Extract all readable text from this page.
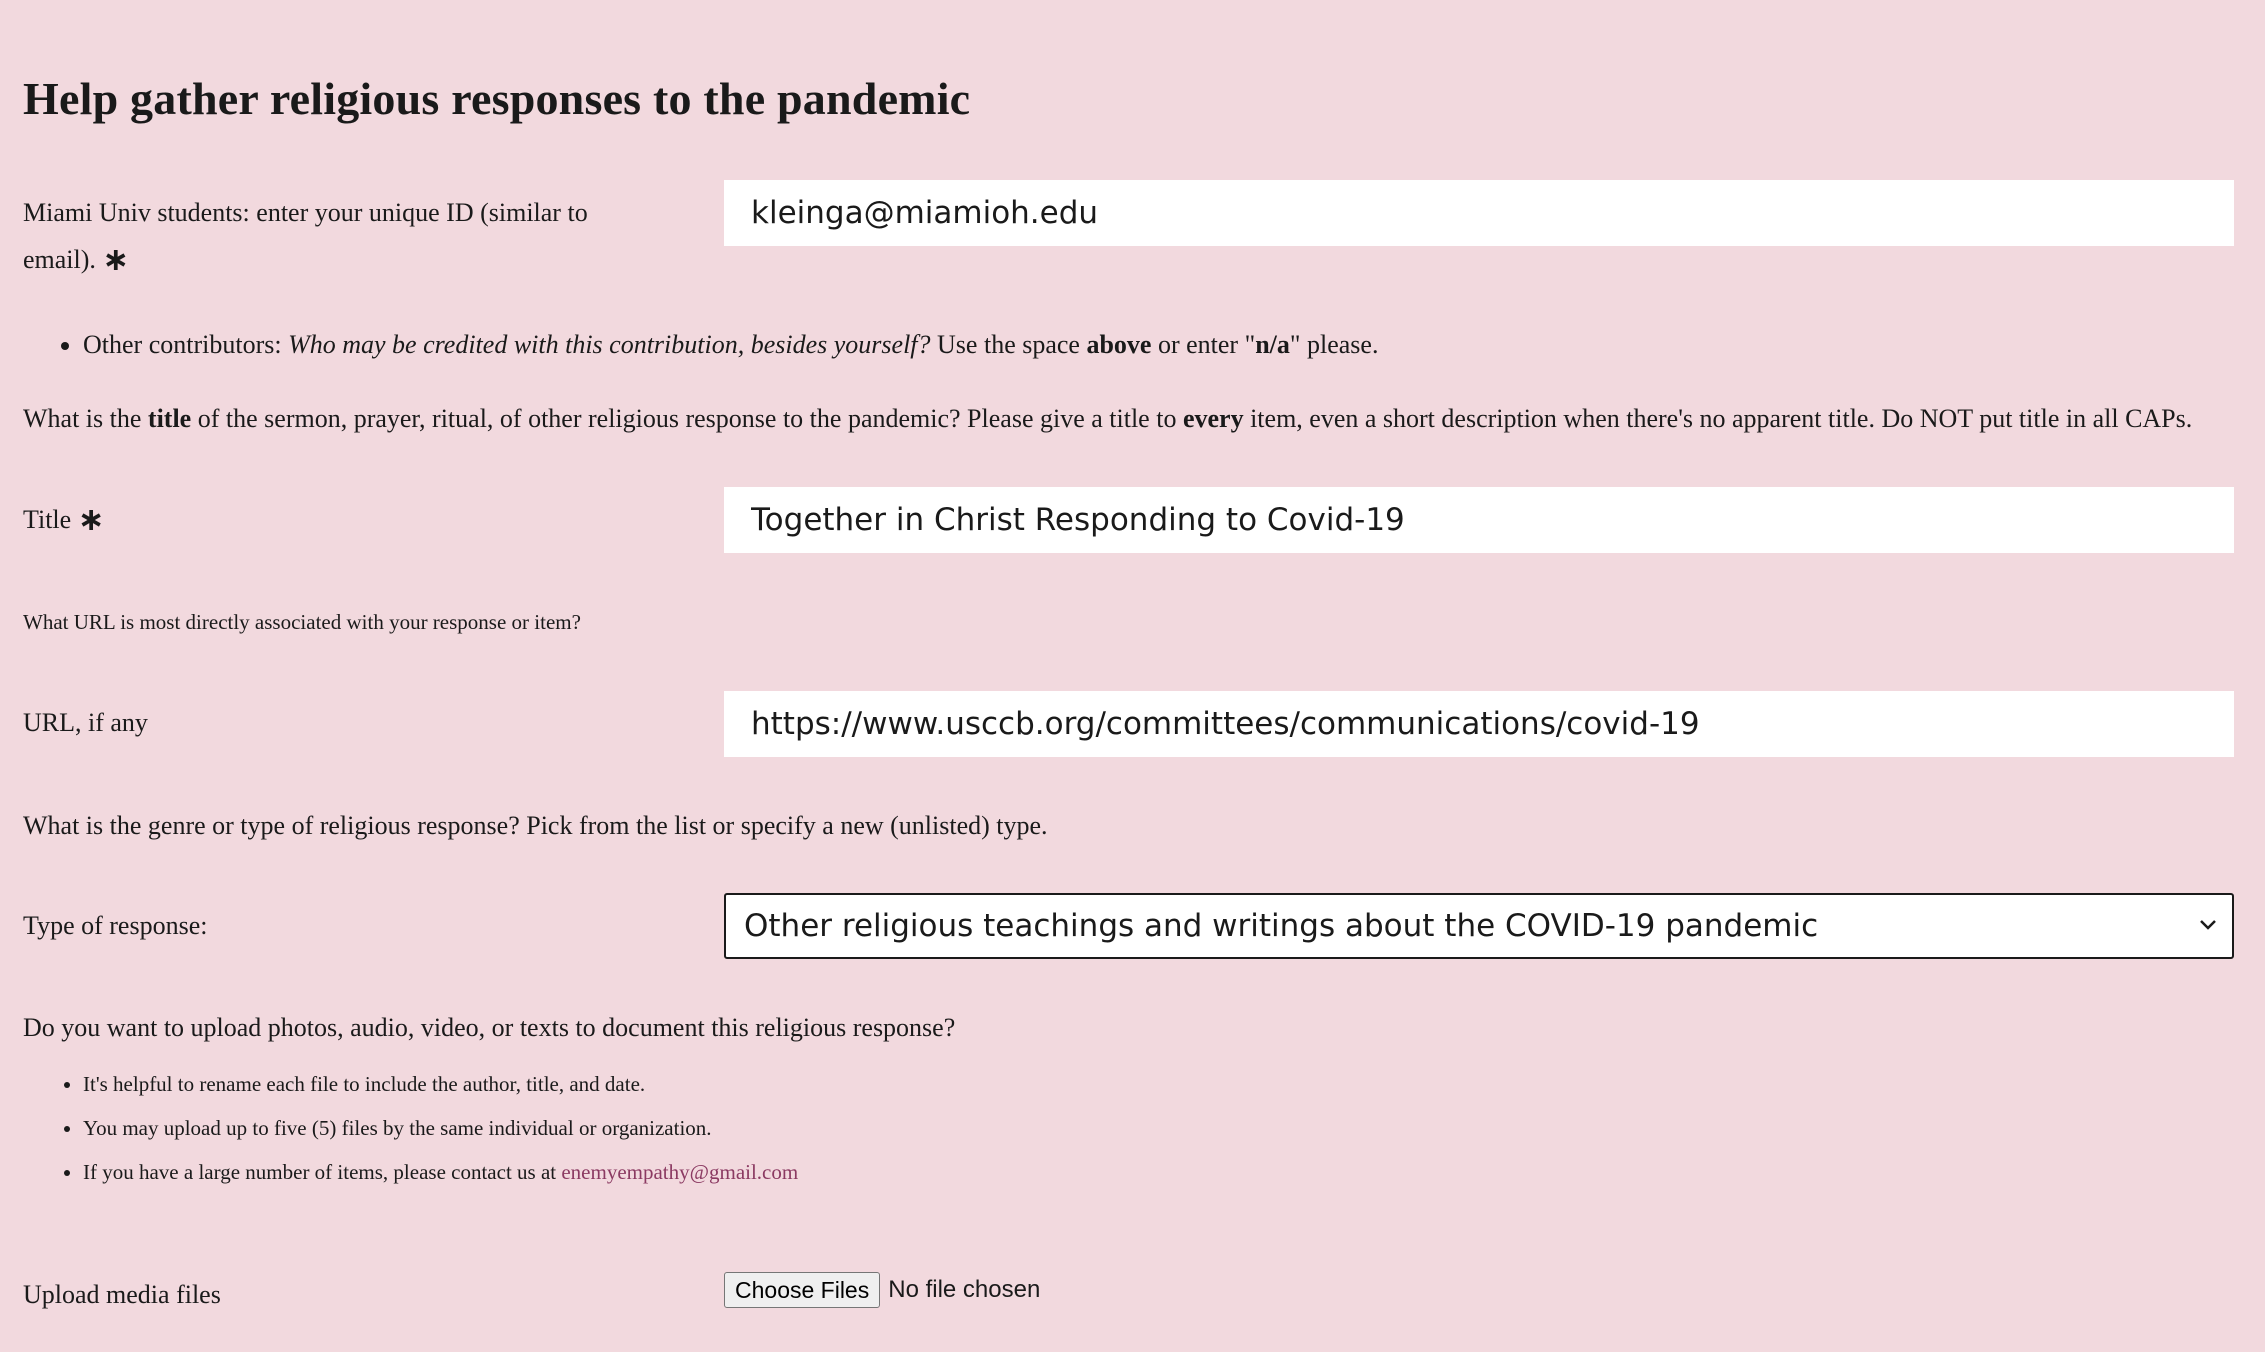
Help gather religious responses to the pandemic
Miami Univ students: enter your unique ID (similar to email). ∗
kleinga@miamioh.edu
• Other contributors: Who may be credited with this contribution, besides yourself? Use the space above or enter "n/a" please.

What is the title of the sermon, prayer, ritual, of other religious response to the pandemic? Please give a title to every item, even a short description when there's no apparent title. Do NOT put title in all CAPs.

Title ∗
Together in Christ Responding to Covid-19

What URL is most directly associated with your response or item?

URL, if any
https://www.usccb.org/committees/communications/covid-19

What is the genre or type of religious response? Pick from the list or specify a new (unlisted) type.

Type of response:	Other religious teachings and writings about the COVID-19 pandemic

Do you want to upload photos, audio, video, or texts to document this religious response?

• It's helpful to rename each file to include the author, title, and date.
• You may upload up to five (5) files by the same individual or organization.
• If you have a large number of items, please contact us at enemyempathy@gmail.com
Upload media files	Choose Files No file chosen
